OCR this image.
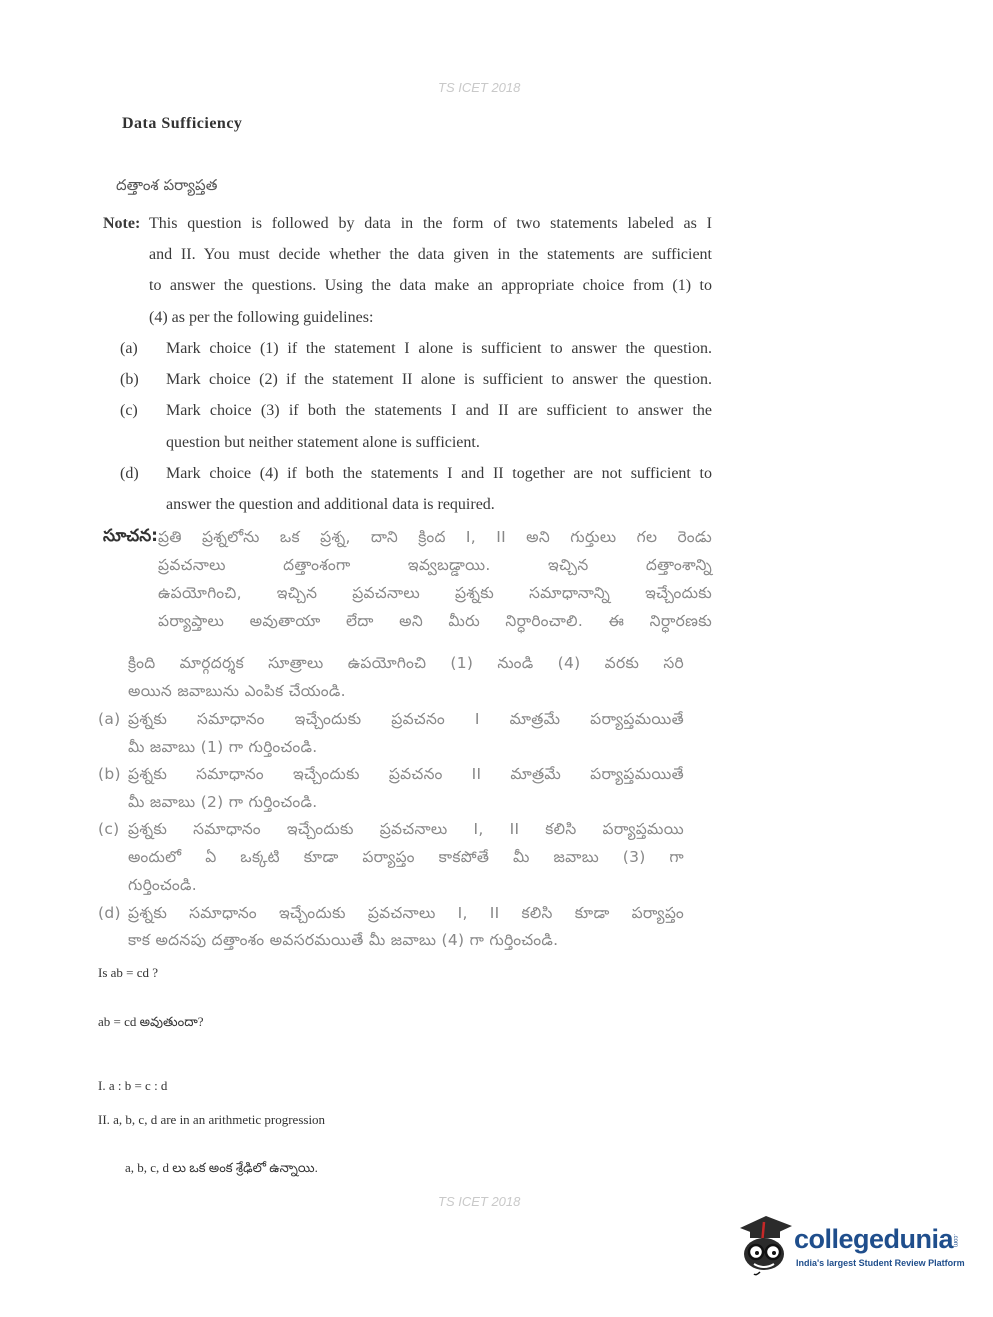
TS ICET 2018
Data Sufficiency
దత్తాంశ పర్యాప్తత
Note: This question is followed by data in the form of two statements labeled as I
and II. You must decide whether the data given in the statements are sufficient
to answer the questions. Using the data make an appropriate choice from (1) to
(4) as per the following guidelines:
(a) Mark choice (1) if the statement I alone is sufficient to answer the question.
(b) Mark choice (2) if the statement II alone is sufficient to answer the question.
(c) Mark choice (3) if both the statements I and II are sufficient to answer the
question but neither statement alone is sufficient.
(d) Mark choice (4) if both the statements I and II together are not sufficient to
answer the question and additional data is required.
సూచన: ప్రతి ప్రశ్నలోను ఒక ప్రశ్న, దాని క్రింద I, II అని గుర్తులు గల రెండు
ప్రవచనాలు దత్తాంశంగా ఇవ్వబడ్డాయి. ఇచ్చిన దత్తాంశాన్ని
ఉపయోగించి, ఇచ్చిన ప్రవచనాలు ప్రశ్నకు సమాధానాన్ని ఇచ్చేందుకు
పర్యాప్తాలు అవుతాయా లేదా అని మీరు నిర్ధారించాలి. ఈ నిర్ధారణకు
క్రింది మార్గదర్శక సూత్రాలు ఉపయోగించి (1) నుండి (4) వరకు సరి
అయిన జవాబును ఎంపిక చేయండి.
(a) ప్రశ్నకు సమాధానం ఇచ్చేందుకు ప్రవచనం I మాత్రమే పర్యాప్తమయితే
మీ జవాబు (1) గా గుర్తించండి.
(b) ప్రశ్నకు సమాధానం ఇచ్చేందుకు ప్రవచనం II మాత్రమే పర్యాప్తమయితే
మీ జవాబు (2) గా గుర్తించండి.
(c) ప్రశ్నకు సమాధానం ఇచ్చేందుకు ప్రవచనాలు I, II కలిసి పర్యాప్తమయి
అందులో ఏ ఒక్కటి కూడా పర్యాప్తం కాకపోతే మీ జవాబు (3) గా
గుర్తించండి.
(d) ప్రశ్నకు సమాధానం ఇచ్చేందుకు ప్రవచనాలు I, II కలిసి కూడా పర్యాప్తం
కాక అదనపు దత్తాంశం అవసరమయితే మీ జవాబు (4) గా గుర్తించండి.
Is ab = cd ?
ab = cd అవుతుందా?
I. a : b = c : d
II. a, b, c, d are in an arithmetic progression
a, b, c, d లు ఒక అంక శ్రేఢిలో ఉన్నాయి.
TS ICET 2018
collegedunia
.com
India's largest Student Review Platform
